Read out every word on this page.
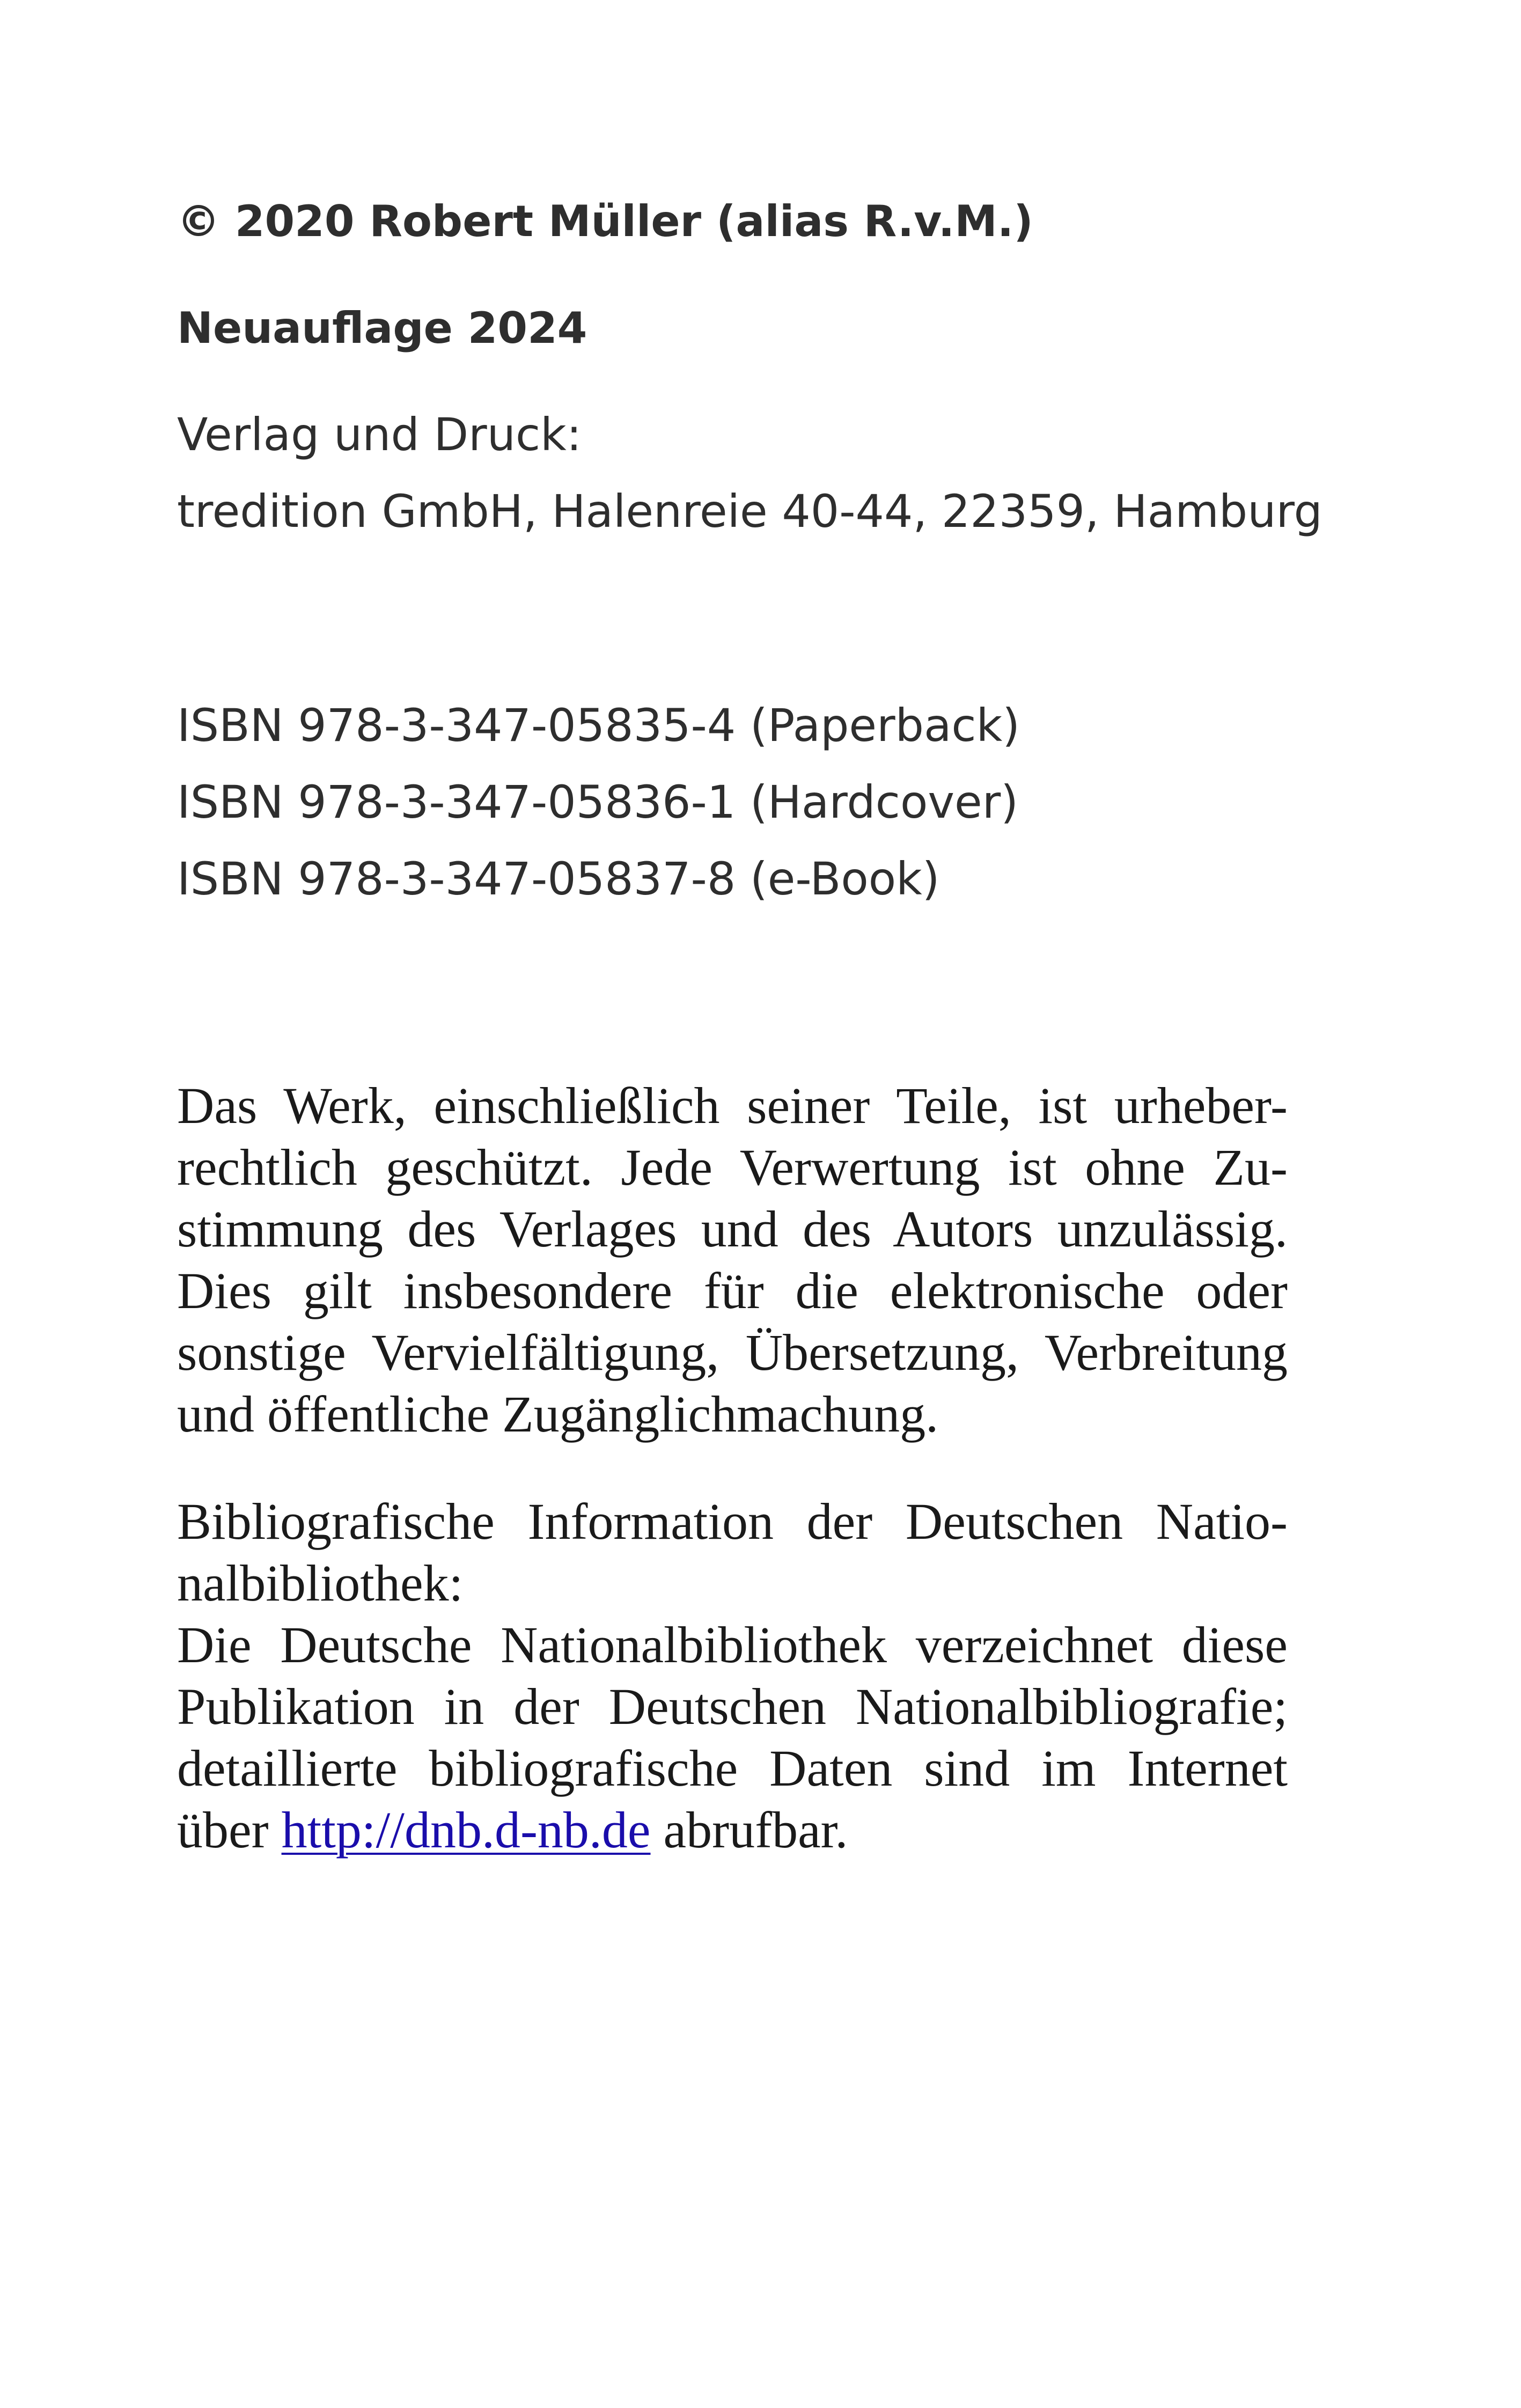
© 2020 Robert Müller (alias R.v.M.)

Neuauflage 2024

Verlag und Druck:
tredition GmbH, Halenreie 40-44, 22359, Hamburg
ISBN 978-3-347-05835-4 (Paperback)
ISBN 978-3-347-05836-1 (Hardcover)
ISBN 978-3-347-05837-8 (e-Book)
Das Werk, einschließlich seiner Teile, ist urheber-
rechtlich geschützt. Jede Verwertung ist ohne Zu-
stimmung des Verlages und des Autors unzulässig.
Dies gilt insbesondere für die elektronische oder
sonstige Vervielfältigung, Übersetzung, Verbreitung
und öffentliche Zugänglichmachung.
Bibliografische Information der Deutschen Natio-
nalbibliothek:
Die Deutsche Nationalbibliothek verzeichnet diese
Publikation in der Deutschen Nationalbibliografie;
detaillierte bibliografische Daten sind im Internet
über http://dnb.d-nb.de abrufbar.
